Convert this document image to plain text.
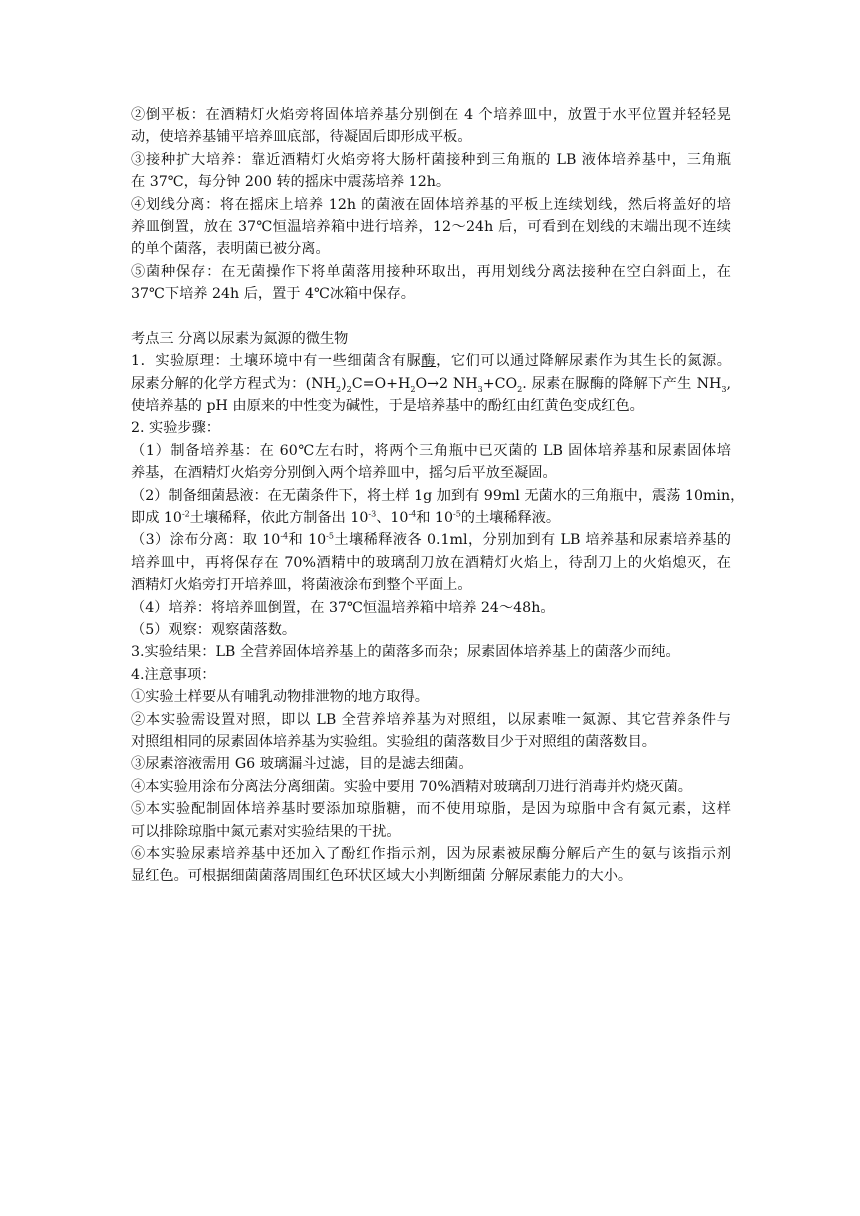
②倒平板：在酒精灯火焰旁将固体培养基分别倒在 4 个培养皿中，放置于水平位置并轻轻晃
动，使培养基铺平培养皿底部，待凝固后即形成平板。
③接种扩大培养：靠近酒精灯火焰旁将大肠杆菌接种到三角瓶的 LB 液体培养基中，三角瓶
在 37℃，每分钟 200 转的摇床中震荡培养 12h。
④划线分离：将在摇床上培养 12h 的菌液在固体培养基的平板上连续划线，然后将盖好的培
养皿倒置，放在 37℃恒温培养箱中进行培养，12～24h 后，可看到在划线的末端出现不连续
的单个菌落，表明菌已被分离。
⑤菌种保存：在无菌操作下将单菌落用接种环取出，再用划线分离法接种在空白斜面上，在
37℃下培养 24h 后，置于 4℃冰箱中保存。
考点三 分离以尿素为氮源的微生物
1．实验原理：土壤环境中有一些细菌含有脲酶，它们可以通过降解尿素作为其生长的氮源。
尿素分解的化学方程式为：$(NH_2)_2C=O+H_2O\to 2$ $NH_3+CO_2$. 尿素在脲酶的降解下产生 $NH_3$,
使培养基的 pH 由原来的中性变为碱性，于是培养基中的酚红由红黄色变成红色。
2. 实验步骤：
（1）制备培养基：在 60℃左右时，将两个三角瓶中已灭菌的 LB 固体培养基和尿素固体培
养基，在酒精灯火焰旁分别倒入两个培养皿中，摇匀后平放至凝固。
（2）制备细菌悬液：在无菌条件下，将土样 1g 加到有 99ml 无菌水的三角瓶中，震荡 10min，
即成 $10^{-2}$土壤稀释，依此方制备出 $10^{-3}$、$10^{-4}$和 $10^{-5}$的土壤稀释液。
（3）涂布分离：取 $10^{-4}$和 $10^{-5}$土壤稀释液各 0.1ml，分别加到有 LB 培养基和尿素培养基的
培养皿中，再将保存在 70%酒精中的玻璃刮刀放在酒精灯火焰上，待刮刀上的火焰熄灭，在
酒精灯火焰旁打开培养皿，将菌液涂布到整个平面上。
（4）培养：将培养皿倒置，在 37℃恒温培养箱中培养 24～48h。
（5）观察：观察菌落数。
3.实验结果：LB 全营养固体培养基上的菌落多而杂；尿素固体培养基上的菌落少而纯。
4.注意事项：
①实验土样要从有哺乳动物排泄物的地方取得。
②本实验需设置对照，即以 LB 全营养培养基为对照组，以尿素唯一氮源、其它营养条件与
对照组相同的尿素固体培养基为实验组。实验组的菌落数目少于对照组的菌落数目。
③尿素溶液需用 G6 玻璃漏斗过滤，目的是滤去细菌。
④本实验用涂布分离法分离细菌。实验中要用 70%酒精对玻璃刮刀进行消毒并灼烧灭菌。
⑤本实验配制固体培养基时要添加琼脂糖，而不使用琼脂，是因为琼脂中含有氮元素，这样
可以排除琼脂中氮元素对实验结果的干扰。
⑥本实验尿素培养基中还加入了酚红作指示剂，因为尿素被尿酶分解后产生的氨与该指示剂
显红色。可根据细菌菌落周围红色环状区域大小判断细菌 分解尿素能力的大小。
